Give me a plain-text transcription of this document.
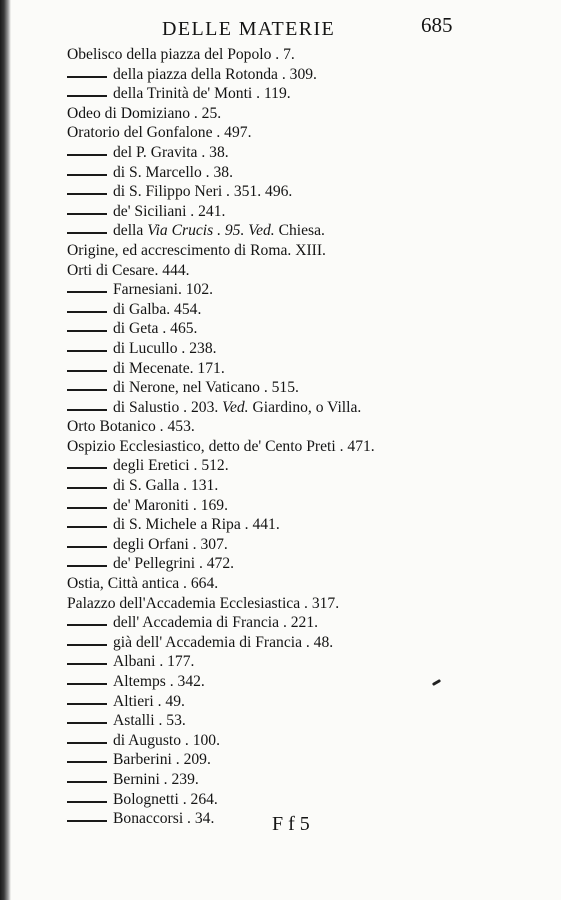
DELLE MATERIE	685
Obelisco della piazza del Popolo . 7.
della piazza della Rotonda . 309.
della Trinità de' Monti . 119.
Odeo di Domiziano . 25.
Oratorio del Gonfalone . 497.
del P. Gravita . 38.
di S. Marcello . 38.
di S. Filippo Neri . 351. 496.
de' Siciliani . 241.
della Via Crucis . 95. Ved. Chiesa.
Origine, ed accrescimento di Roma. XIII.
Orti di Cesare. 444.
Farnesiani. 102.
di Galba. 454.
di Geta . 465.
di Lucullo . 238.
di Mecenate. 171.
di Nerone, nel Vaticano . 515.
di Salustio . 203. Ved. Giardino, o Villa.
Orto Botanico . 453.
Ospizio Ecclesiastico, detto de' Cento Preti . 471.
degli Eretici . 512.
di S. Galla . 131.
de' Maroniti . 169.
di S. Michele a Ripa . 441.
degli Orfani . 307.
de' Pellegrini . 472.
Ostia, Città antica . 664.
Palazzo dell'Accademia Ecclesiastica . 317.
dell' Accademia di Francia . 221.
già dell' Accademia di Francia . 48.
Albani . 177.
Altemps . 342.
Altieri . 49.
Astalli . 53.
di Augusto . 100.
Barberini . 209.
Bernini . 239.
Bolognetti . 264.
Bonaccorsi . 34.	Ff5
